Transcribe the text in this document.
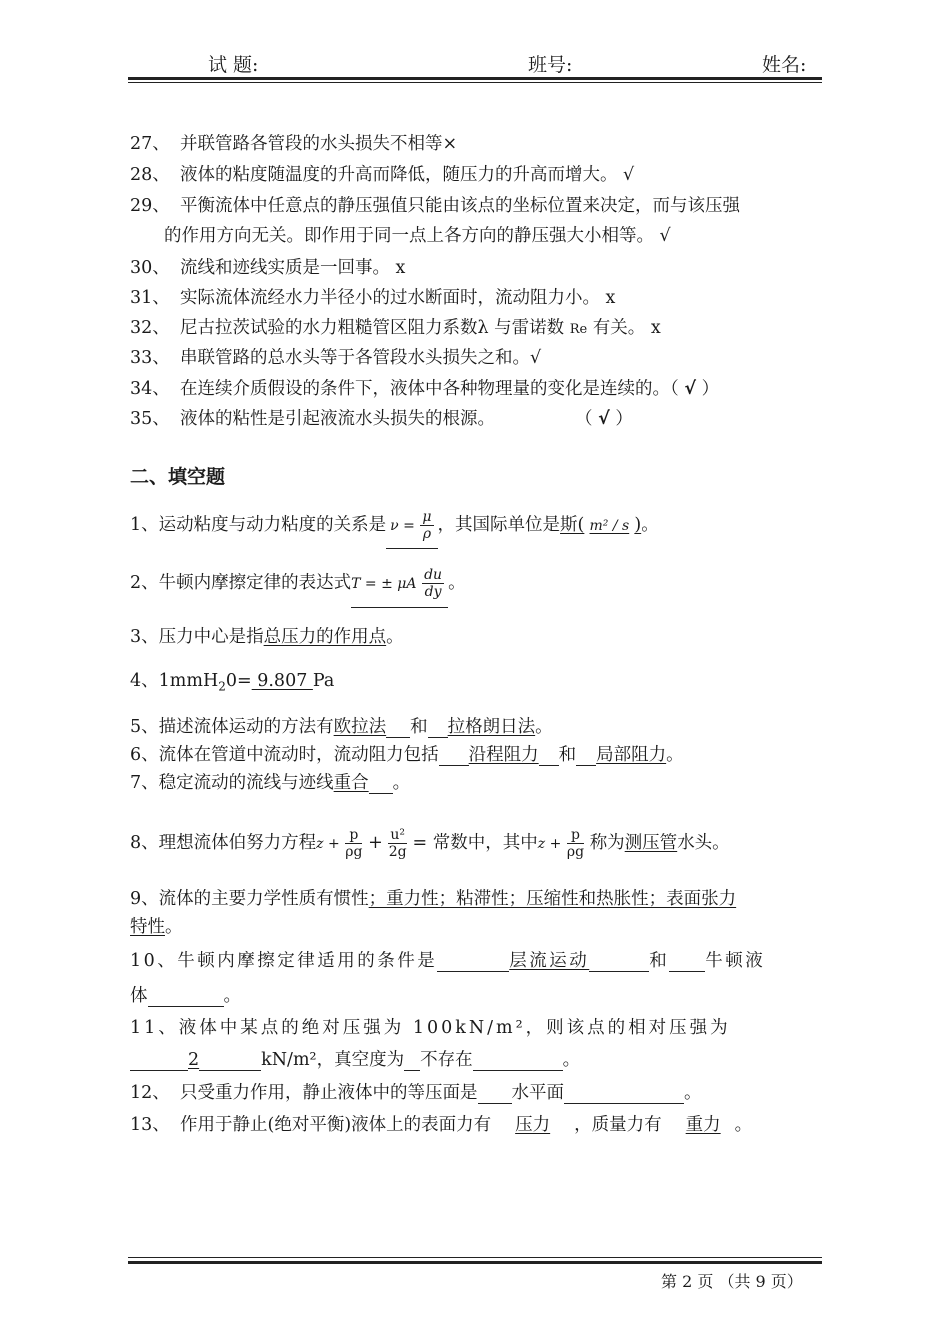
试 题:	班号:	姓名:
27、 并联管路各管段的水头损失不相等×
28、 液体的粘度随温度的升高而降低，随压力的升高而增大。 √
29、 平衡流体中任意点的静压强值只能由该点的坐标位置来决定，而与该压强
的作用方向无关。即作用于同一点上各方向的静压强大小相等。 √
30、 流线和迹线实质是一回事。 x
31、 实际流体流经水力半径小的过水断面时，流动阻力小。 x
32、 尼古拉茨试验的水力粗糙管区阻力系数λ 与雷诺数 Re 有关。 x
33、 串联管路的总水头等于各管段水头损失之和。√
34、 在连续介质假设的条件下，液体中各种物理量的变化是连续的。（ √ ）
35、 液体的粘性是引起液流水头损失的根源。	（ √ ）
二、填空题
1、运动粘度与动力粘度的关系是 $\nu = \frac{\mu}{\rho}$ ，其国际单位是斯( m² / s )。
2、牛顿内摩擦定律的表达式T = ± μA $\frac{du}{dy}$ 。
3、压力中心是指总压力的作用点。
4、1mmH$_2$0= 9.807 Pa
5、描述流体运动的方法有欧拉法 和 拉格朗日法。
6、流体在管道中流动时，流动阻力包括 沿程阻力 和 局部阻力。
7、稳定流动的流线与迹线重合 。
8、理想流体伯努力方程$z + \frac{p}{\rho g} + \frac{\text{u²}}{2g}$ = 常数中，其中$z + \frac{p}{\rho g}$ 称为测压管水头。
9、流体的主要力学性质有惯性；重力性；粘滞性；压缩性和热胀性；表面张力
特性。
10、牛顿内摩擦定律适用的条件是	层流运动	和 牛顿液
体	。
11、液体中某点的绝对压强为 100kN/m²，则该点的相对压强为
2	kN/m²，真空度为 不存在	。
12、 只受重力作用，静止液体中的等压面是 水平面	。
13、 作用于静止(绝对平衡)液体上的表面力有 压力 ，质量力有 重力 。
第 2 页 （共 9 页）
